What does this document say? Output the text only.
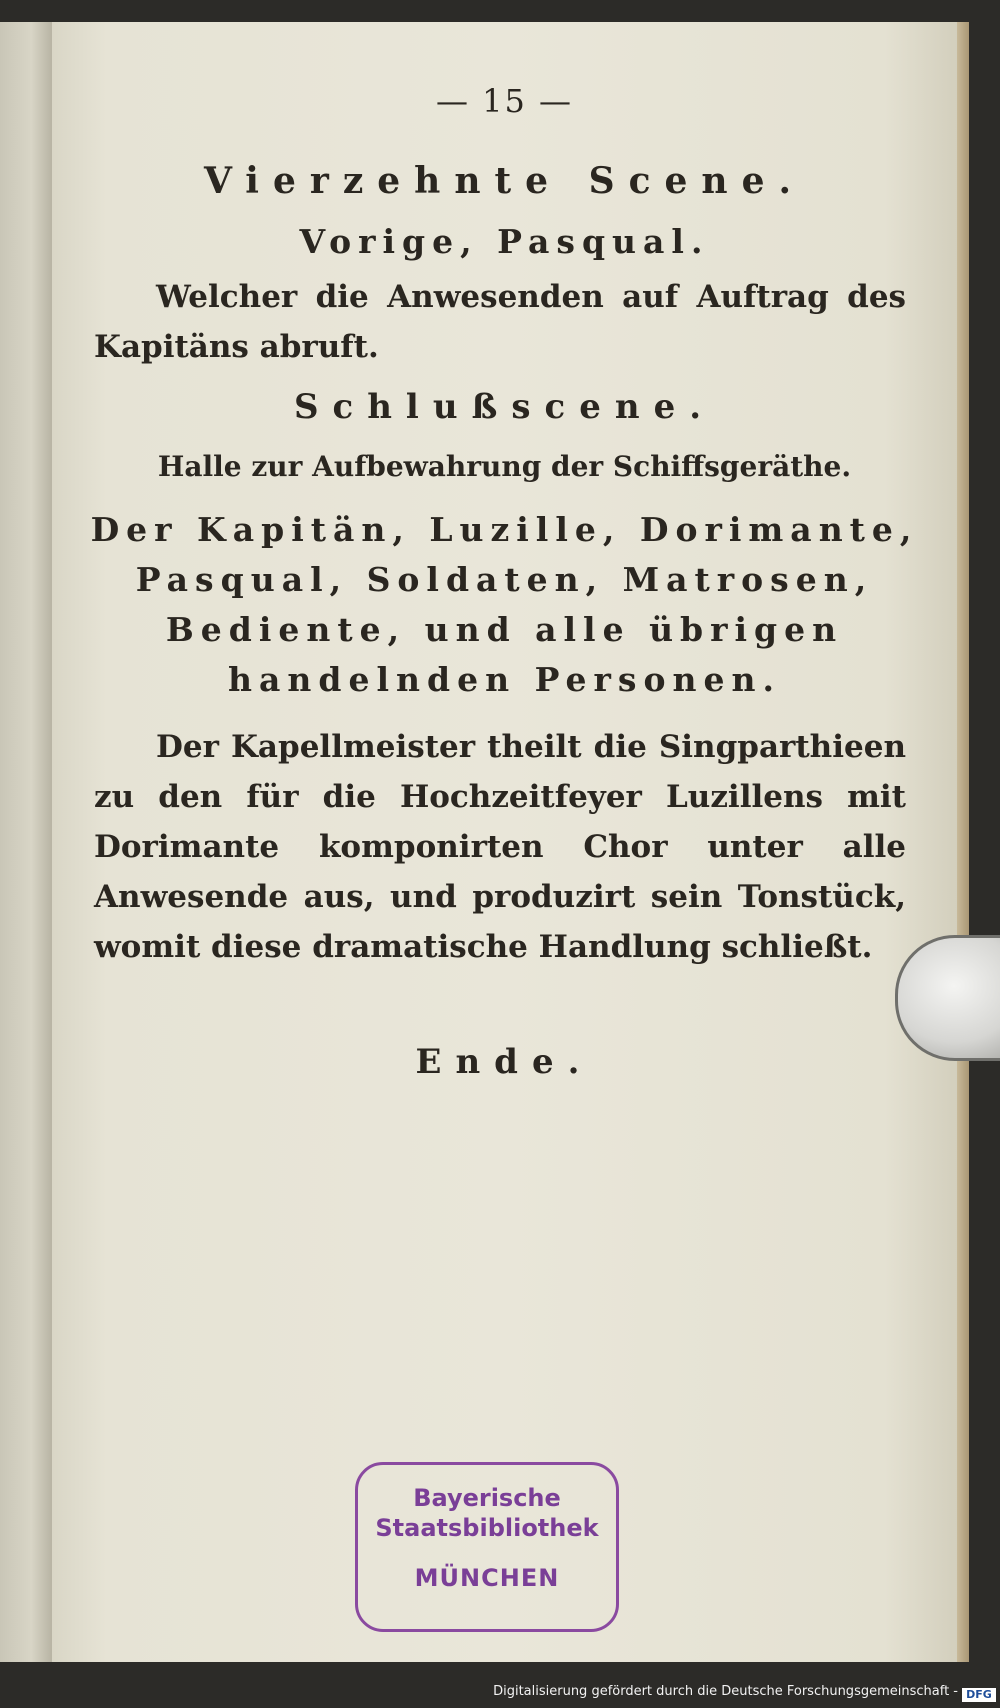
— 15 —

Vierzehnte Scene.

Vorige, Pasqual.

Welcher die Anwesenden auf Auftrag des Kapitäns abruft.

Schlußscene.

Halle zur Aufbewahrung der Schiffsgeräthe.

Der Kapitän, Luzille, Dorimante,

Pasqual, Soldaten, Matrosen,

Bediente, und alle übrigen

handelnden Personen.

Der Kapellmeister theilt die Singparthieen zu den für die Hochzeitfeyer Luzillens mit Dorimante komponirten Chor unter alle Anwesende aus, und produzirt sein Tonstück, womit diese dramatische Handlung schließt.

Ende.

Bayerische
Staatsbibliothek
MÜNCHEN
Digitalisierung gefördert durch die Deutsche Forschungsgemeinschaft - DFG
